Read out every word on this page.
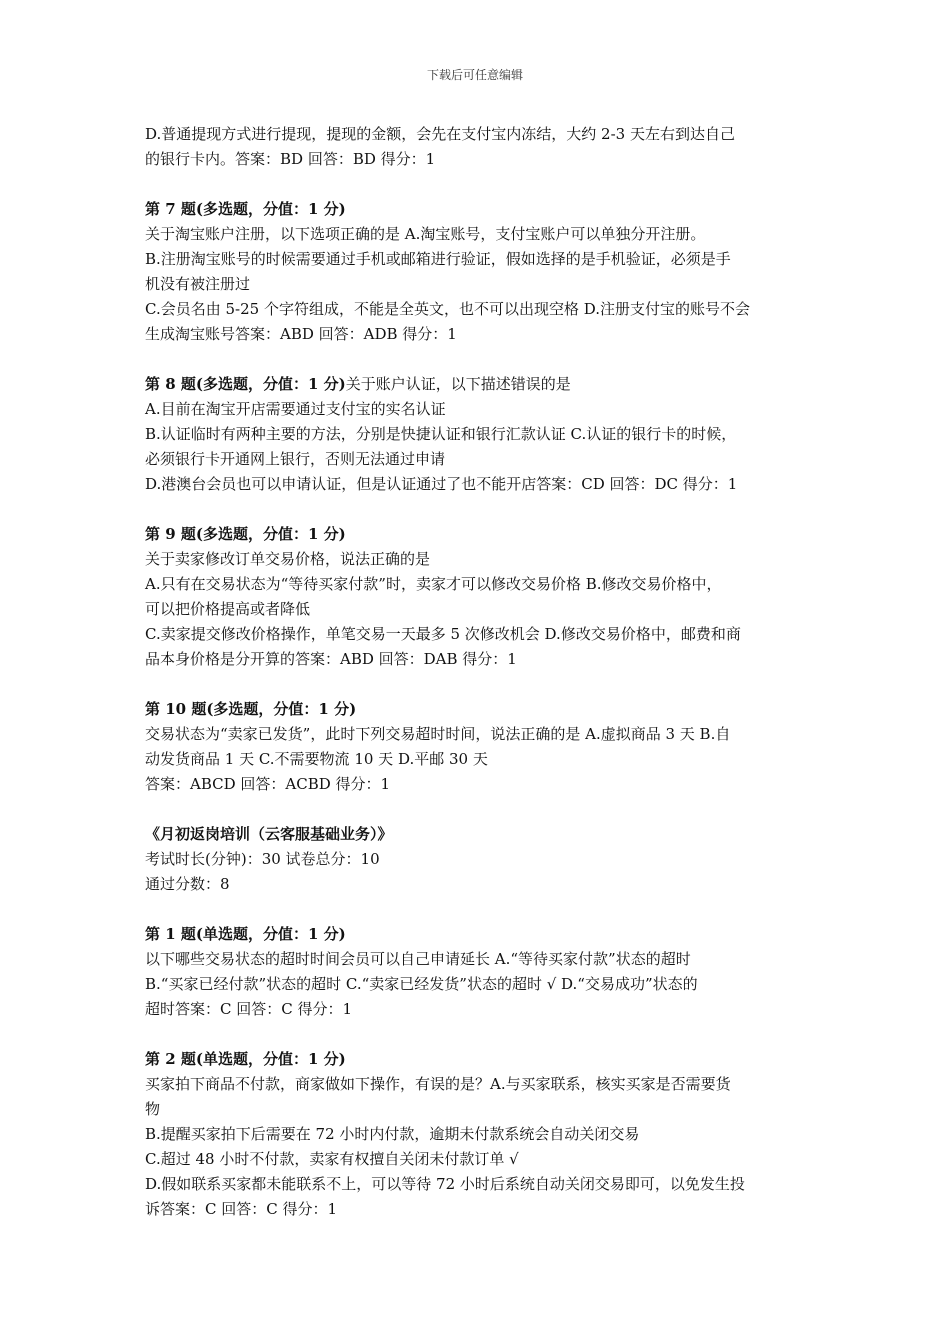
下载后可任意编辑

D.普通提现方式进行提现，提现的金额，会先在支付宝内冻结，大约 2-3 天左右到达自己

的银行卡内。答案：BD 回答：BD 得分：1

第 7 题(多选题，分值：1 分)

关于淘宝账户注册，以下选项正确的是 A.淘宝账号，支付宝账户可以单独分开注册。

B.注册淘宝账号的时候需要通过手机或邮箱进行验证，假如选择的是手机验证，必须是手

机没有被注册过

C.会员名由 5-25 个字符组成，不能是全英文，也不可以出现空格 D.注册支付宝的账号不会

生成淘宝账号答案：ABD 回答：ADB 得分：1

第 8 题(多选题，分值：1 分)关于账户认证，以下描述错误的是

A.目前在淘宝开店需要通过支付宝的实名认证

B.认证临时有两种主要的方法，分别是快捷认证和银行汇款认证 C.认证的银行卡的时候，

必须银行卡开通网上银行，否则无法通过申请

D.港澳台会员也可以申请认证，但是认证通过了也不能开店答案：CD 回答：DC 得分：1

第 9 题(多选题，分值：1 分)

关于卖家修改订单交易价格，说法正确的是

A.只有在交易状态为“等待买家付款”时，卖家才可以修改交易价格 B.修改交易价格中，

可以把价格提高或者降低

C.卖家提交修改价格操作，单笔交易一天最多 5 次修改机会 D.修改交易价格中，邮费和商

品本身价格是分开算的答案：ABD 回答：DAB 得分：1

第 10 题(多选题，分值：1 分)

交易状态为“卖家已发货”，此时下列交易超时时间，说法正确的是 A.虚拟商品 3 天 B.自

动发货商品 1 天 C.不需要物流 10 天 D.平邮 30 天

答案：ABCD 回答：ACBD 得分：1

《月初返岗培训（云客服基础业务）》

考试时长(分钟)：30 试卷总分：10

通过分数：8

第 1 题(单选题，分值：1 分)

以下哪些交易状态的超时时间会员可以自己申请延长 A.“等待买家付款”状态的超时

B.“买家已经付款”状态的超时 C.“卖家已经发货”状态的超时 √ D.“交易成功”状态的

超时答案：C 回答：C 得分：1

第 2 题(单选题，分值：1 分)

买家拍下商品不付款，商家做如下操作，有误的是？A.与买家联系，核实买家是否需要货

物

B.提醒买家拍下后需要在 72 小时内付款，逾期未付款系统会自动关闭交易

C.超过 48 小时不付款，卖家有权擅自关闭未付款订单 √

D.假如联系买家都未能联系不上，可以等待 72 小时后系统自动关闭交易即可，以免发生投

诉答案：C 回答：C 得分：1
